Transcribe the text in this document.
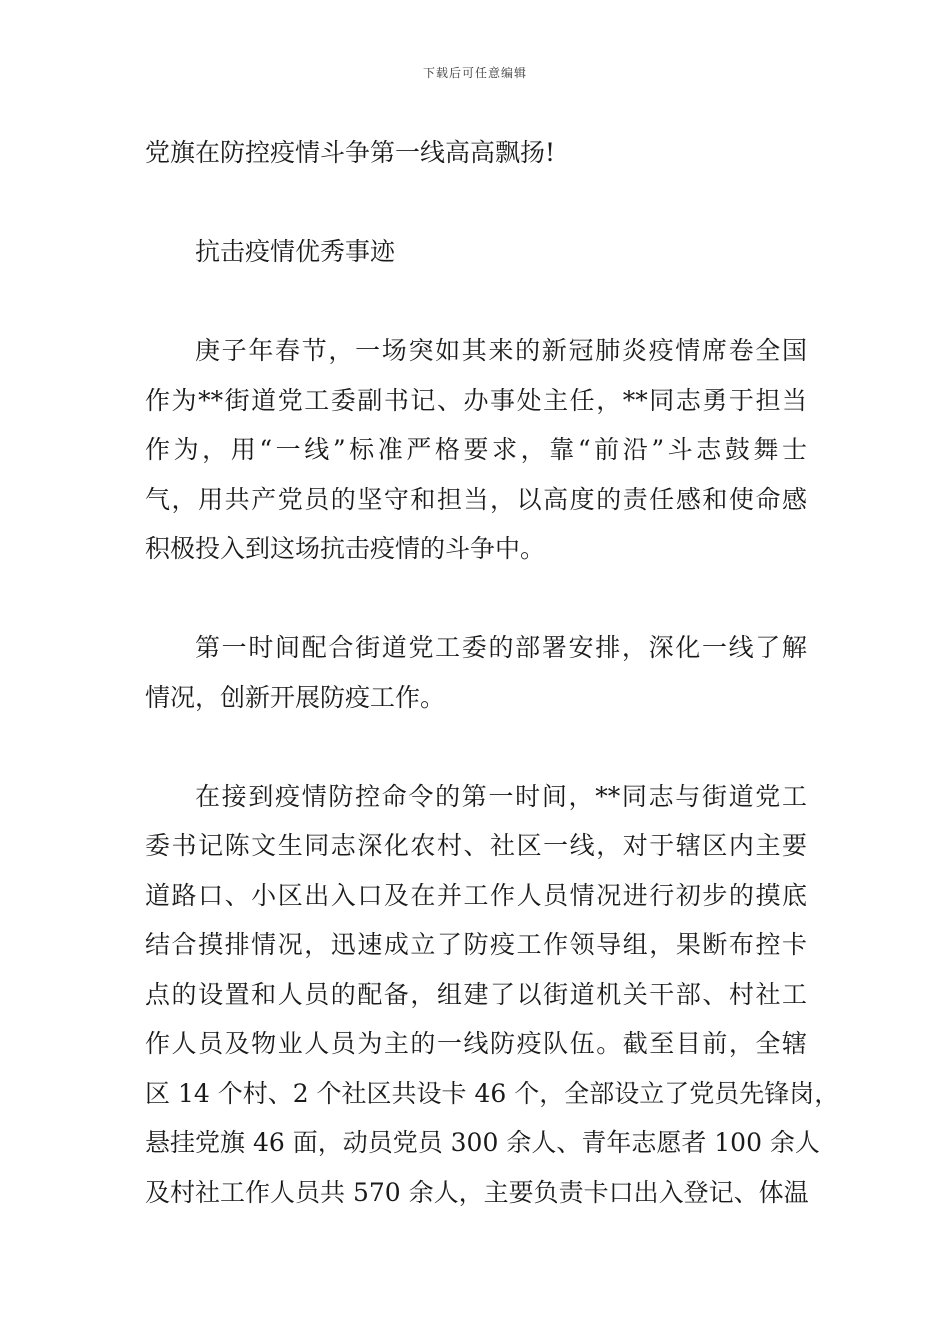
下载后可任意编辑

党旗在防控疫情斗争第一线高高飘扬!

抗击疫情优秀事迹

庚子年春节，一场突如其来的新冠肺炎疫情席卷全国
作为**街道党工委副书记、办事处主任，**同志勇于担当
作为，用“一线”标准严格要求，靠“前沿”斗志鼓舞士
气，用共产党员的坚守和担当，以高度的责任感和使命感
积极投入到这场抗击疫情的斗争中。
第一时间配合街道党工委的部署安排，深化一线了解
情况，创新开展防疫工作。
在接到疫情防控命令的第一时间，**同志与街道党工
委书记陈文生同志深化农村、社区一线，对于辖区内主要
道路口、小区出入口及在并工作人员情况进行初步的摸底
结合摸排情况，迅速成立了防疫工作领导组，果断布控卡
点的设置和人员的配备，组建了以街道机关干部、村社工
作人员及物业人员为主的一线防疫队伍。截至目前，全辖
区 14 个村、2 个社区共设卡 46 个，全部设立了党员先锋岗，
悬挂党旗 46 面，动员党员 300 余人、青年志愿者 100 余人
及村社工作人员共 570 余人，主要负责卡口出入登记、体温
